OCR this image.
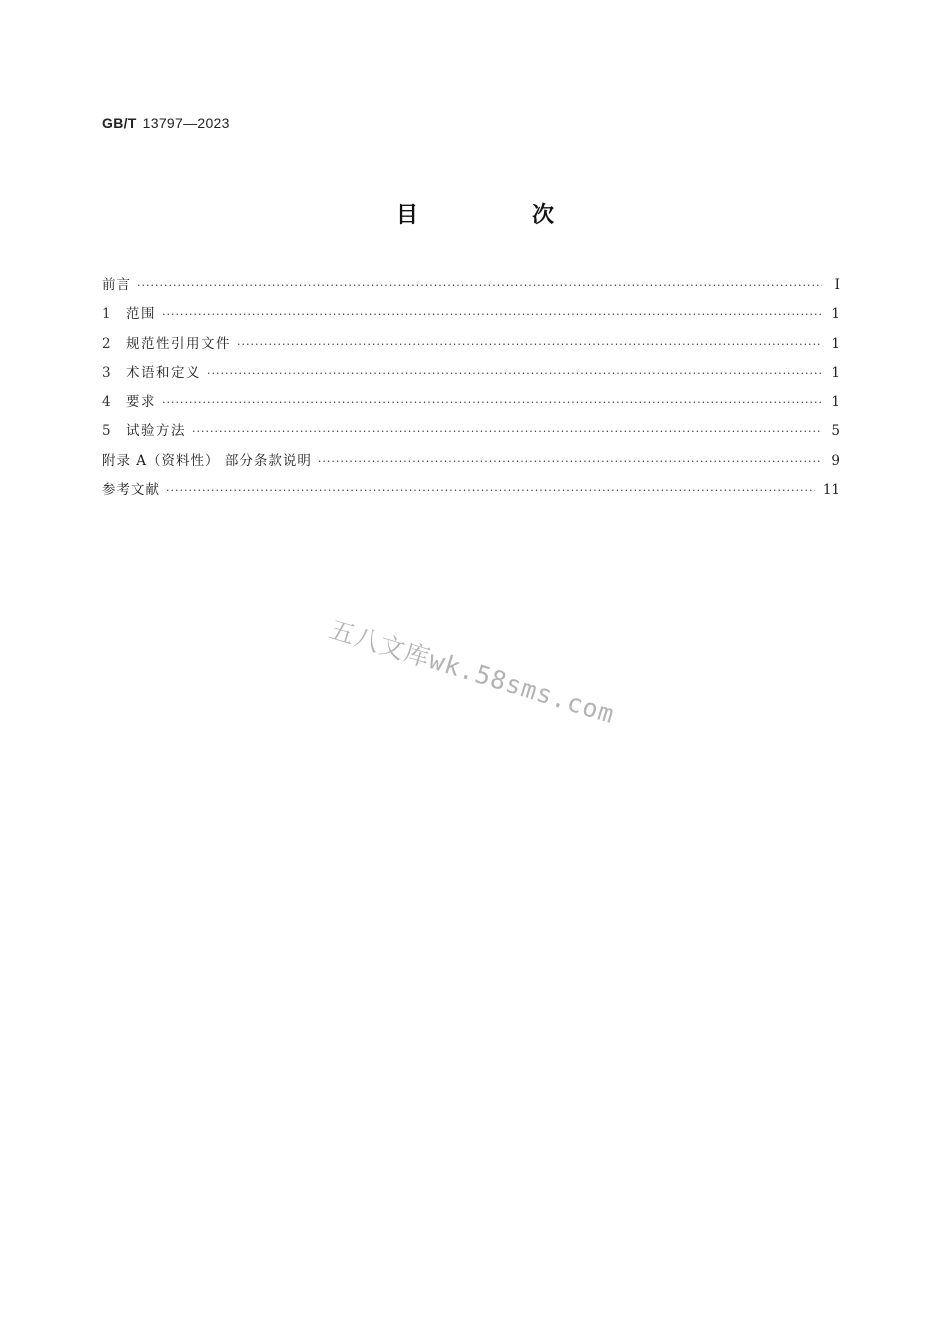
GB/T 13797—2023
目　次
前言 ·····	I
1	范围 ·····	1
2	规范性引用文件 ·····	1
3	术语和定义 ·····	1
4	要求 ·····	1
5	试验方法 ·····	5
附录 A（资料性） 部分条款说明 ·····	9
参考文献 ·····	11
五八文库wk.58sms.com
